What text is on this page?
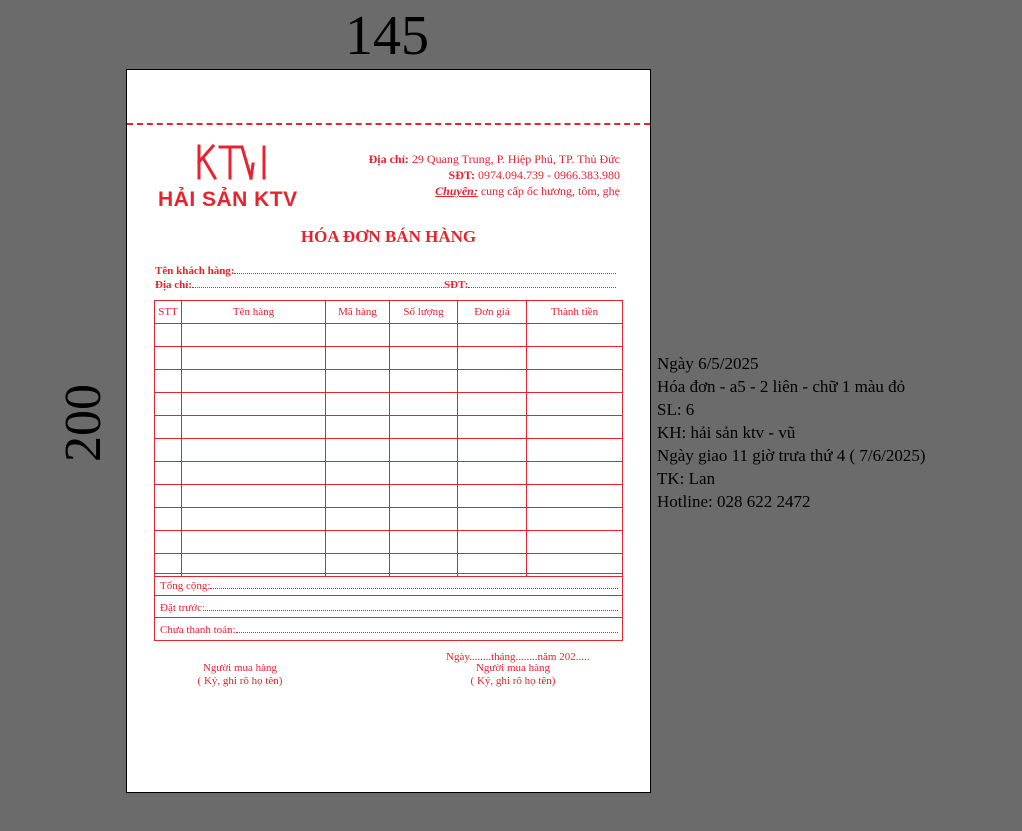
145
200
HẢI SẢN KTV
Địa chỉ: 29 Quang Trung, P. Hiệp Phú, TP. Thủ Đức
SĐT: 0974.094.739 - 0966.383.980
Chuyên: cung cấp ốc hương, tôm, ghẹ
HÓA ĐƠN BÁN HÀNG
Tên khách hàng:
Địa chỉ:	SĐT:
STT	Tên hàng	Mã hàng	Số lượng	Đơn giá	Thành tiền

Tổng cộng:
Đặt trước:
Chưa thanh toán:
Ngày........tháng........năm 202.....
Người mua hàng
( Ký, ghi rõ họ tên)
Người mua hàng
( Ký, ghi rõ họ tên)
Ngày 6/5/2025
Hóa đơn - a5 - 2 liên - chữ 1 màu đỏ
SL: 6
KH: hải sản ktv - vũ
Ngày giao 11 giờ trưa thứ 4 ( 7/6/2025)
TK: Lan
Hotline: 028 622 2472
